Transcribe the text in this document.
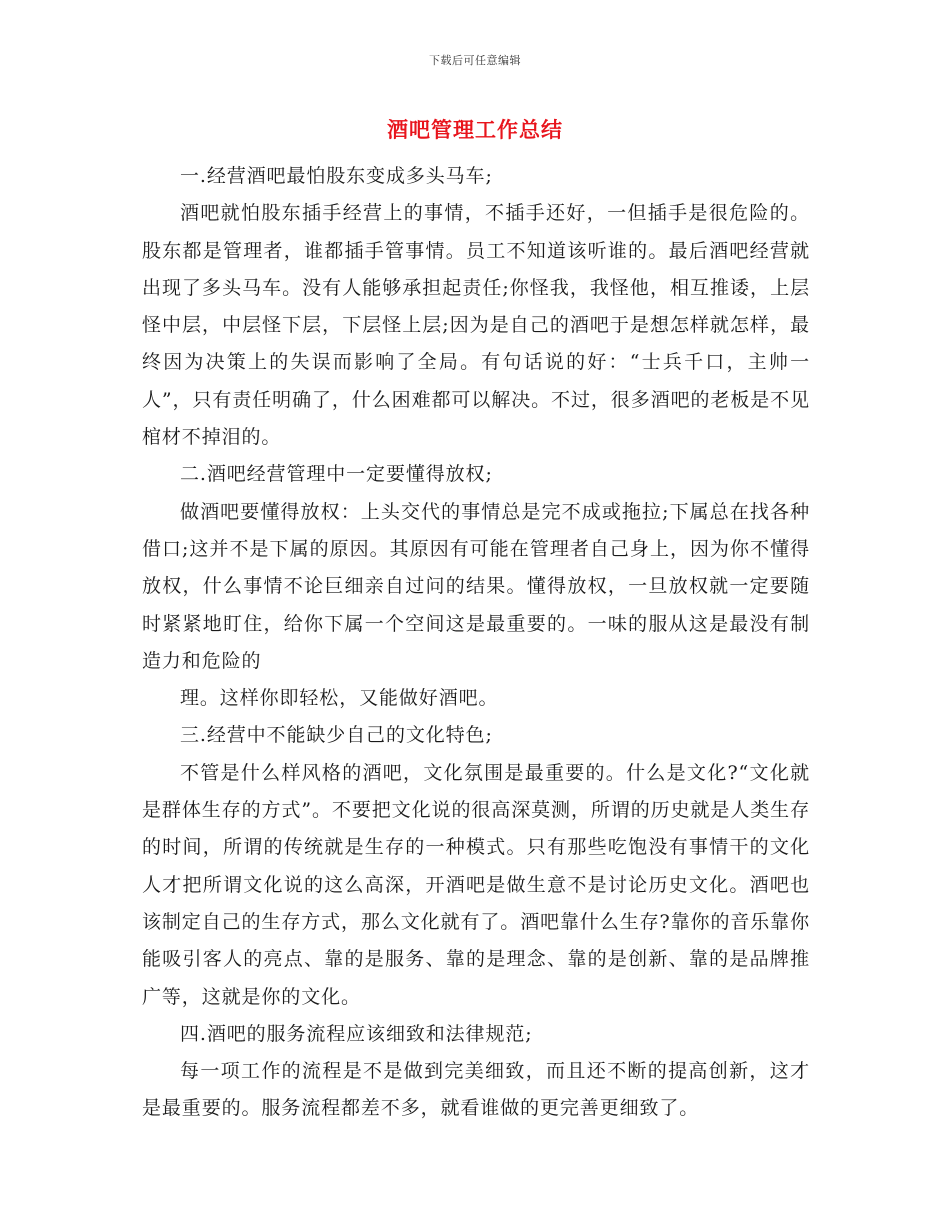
下载后可任意编辑
酒吧管理工作总结

一.经营酒吧最怕股东变成多头马车;

酒吧就怕股东插手经营上的事情，不插手还好，一但插手是很危险的。股东都是管理者，谁都插手管事情。员工不知道该听谁的。最后酒吧经营就出现了多头马车。没有人能够承担起责任;你怪我，我怪他，相互推诿，上层怪中层，中层怪下层，下层怪上层;因为是自己的酒吧于是想怎样就怎样，最终因为决策上的失误而影响了全局。有句话说的好：“士兵千口，主帅一人”，只有责任明确了，什么困难都可以解决。不过，很多酒吧的老板是不见棺材不掉泪的。

二.酒吧经营管理中一定要懂得放权;

做酒吧要懂得放权：上头交代的事情总是完不成或拖拉;下属总在找各种借口;这并不是下属的原因。其原因有可能在管理者自己身上，因为你不懂得放权，什么事情不论巨细亲自过问的结果。懂得放权，一旦放权就一定要随时紧紧地盯住，给你下属一个空间这是最重要的。一味的服从这是最没有制造力和危险的

理。这样你即轻松，又能做好酒吧。

三.经营中不能缺少自己的文化特色;

不管是什么样风格的酒吧，文化氛围是最重要的。什么是文化?“文化就是群体生存的方式”。不要把文化说的很高深莫测，所谓的历史就是人类生存的时间，所谓的传统就是生存的一种模式。只有那些吃饱没有事情干的文化人才把所谓文化说的这么高深，开酒吧是做生意不是讨论历史文化。酒吧也该制定自己的生存方式，那么文化就有了。酒吧靠什么生存?靠你的音乐靠你能吸引客人的亮点、靠的是服务、靠的是理念、靠的是创新、靠的是品牌推广等，这就是你的文化。

四.酒吧的服务流程应该细致和法律规范;

每一项工作的流程是不是做到完美细致，而且还不断的提高创新，这才是最重要的。服务流程都差不多，就看谁做的更完善更细致了。
